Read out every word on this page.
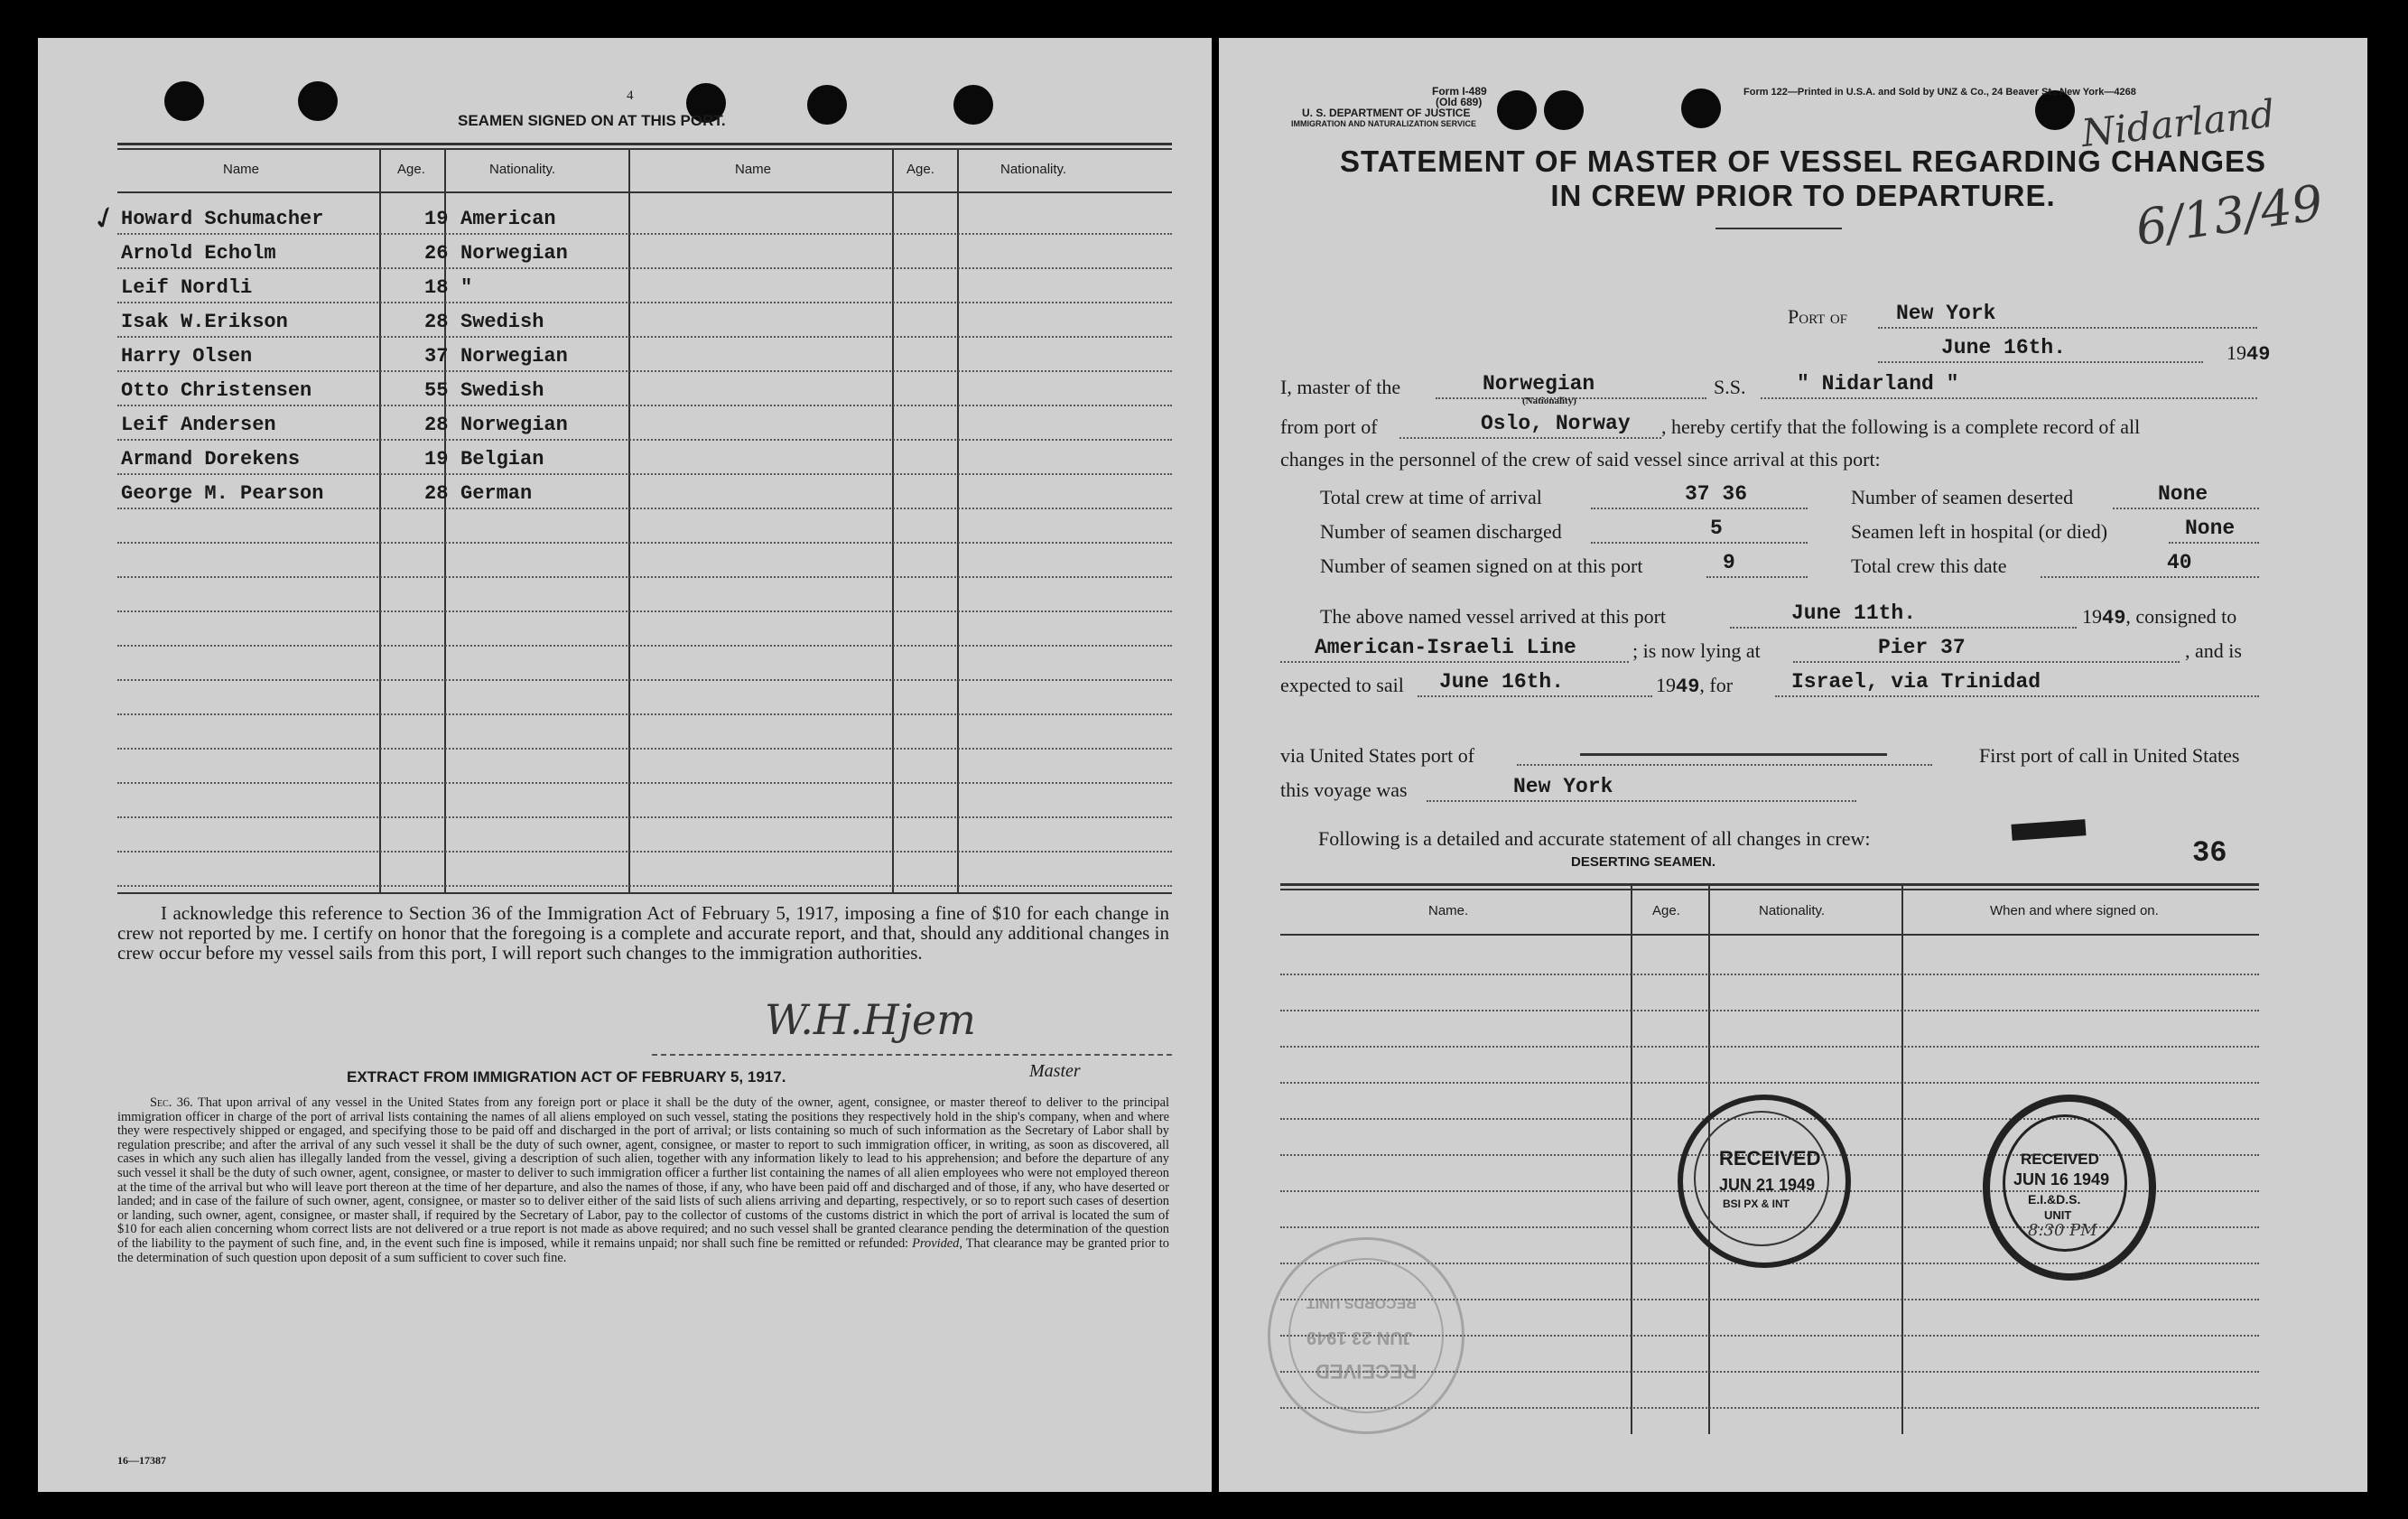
4
SEAMEN SIGNED ON AT THIS PORT.
Name	Age.	Nationality.	Name	Age.	Nationality.
✓
I acknowledge this reference to Section 36 of the Immigration Act of February 5, 1917, imposing a fine of $10 for each change in crew not reported by me. I certify on honor that the foregoing is a complete and accurate report, and that, should any additional changes in crew occur before my vessel sails from this port, I will report such changes to the immigration authorities.
W.H.Hjem
Master
EXTRACT FROM IMMIGRATION ACT OF FEBRUARY 5, 1917.
Sec. 36. That upon arrival of any vessel in the United States from any foreign port or place it shall be the duty of the owner, agent, consignee, or master thereof to deliver to the principal immigration officer in charge of the port of arrival lists containing the names of all aliens employed on such vessel, stating the positions they respectively hold in the ship's company, when and where they were respectively shipped or engaged, and specifying those to be paid off and discharged in the port of arrival; or lists containing so much of such information as the Secretary of Labor shall by regulation prescribe; and after the arrival of any such vessel it shall be the duty of such owner, agent, consignee, or master to report to such immigration officer, in writing, as soon as discovered, all cases in which any such alien has illegally landed from the vessel, giving a description of such alien, together with any information likely to lead to his apprehension; and before the departure of any such vessel it shall be the duty of such owner, agent, consignee, or master to deliver to such immigration officer a further list containing the names of all alien employees who were not employed thereon at the time of the arrival but who will leave port thereon at the time of her departure, and also the names of those, if any, who have been paid off and discharged and of those, if any, who have deserted or landed; and in case of the failure of such owner, agent, consignee, or master so to deliver either of the said lists of such aliens arriving and departing, respectively, or so to report such cases of desertion or landing, such owner, agent, consignee, or master shall, if required by the Secretary of Labor, pay to the collector of customs of the customs district in which the port of arrival is located the sum of $10 for each alien concerning whom correct lists are not delivered or a true report is not made as above required; and no such vessel shall be granted clearance pending the determination of the question of the liability to the payment of such fine, and, in the event such fine is imposed, while it remains unpaid; nor shall such fine be remitted or refunded: Provided, That clearance may be granted prior to the determination of such question upon deposit of a sum sufficient to cover such fine.
16—17387
Howard Schumacher	19 American
Arnold Echolm	26 Norwegian
Leif Nordli	18 "
Isak W.Erikson	28 Swedish
Harry Olsen	37 Norwegian
Otto Christensen	55 Swedish
Leif Andersen	28 Norwegian
Armand Dorekens	19 Belgian
George M. Pearson	28 German
Form I-489
(Old 689)
U. S. DEPARTMENT OF JUSTICE
IMMIGRATION AND NATURALIZATION SERVICE
Form 122—Printed in U.S.A. and Sold by UNZ & Co., 24 Beaver St., New York—4268
Nidarland
6/13/49
STATEMENT OF MASTER OF VESSEL REGARDING CHANGES
IN CREW PRIOR TO DEPARTURE.
Port of New York
June 16th.	1949
I, master of the	Norwegian
(Nationality)
S.S. " Nidarland "
from port of	Oslo, Norway , hereby certify that the following is a complete record of all
changes in the personnel of the crew of said vessel since arrival at this port:
Total crew at time of arrival	37 36	Number of seamen deserted	None
Number of seamen discharged	5	Seamen left in hospital (or died)	None
Number of seamen signed on at this port	9	Total crew this date	40
The above named vessel arrived at this port	June 11th.	1949, consigned to
American-Israeli Line	; is now lying at	Pier 37	, and is
expected to sail June 16th.	1949, for	Israel, via Trinidad
via United States port of	First port of call in United States
this voyage was	New York
Following is a detailed and accurate statement of all changes in crew:	36
DESERTING SEAMEN.
Name.	Age.	Nationality.	When and where signed on.
RECEIVED
JUN 21 1949
BSI PX & INT
RECEIVED
JUN 16 1949
E.I.&D.S.
UNIT
8:30 PM
RECORDS UNIT
JUN 23 1949
RECEIVED
